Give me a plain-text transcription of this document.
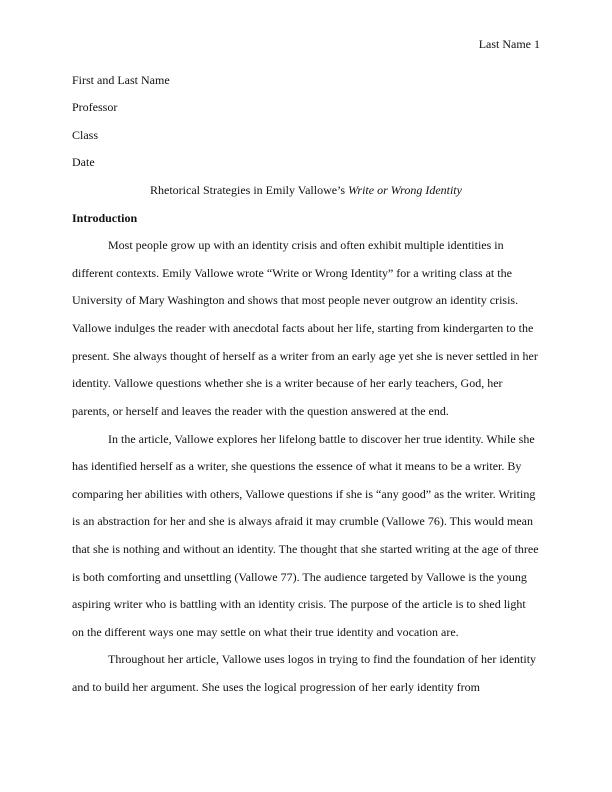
Last Name 1
First and Last Name
Professor
Class
Date
Rhetorical Strategies in Emily Vallowe’s Write or Wrong Identity
Introduction
Most people grow up with an identity crisis and often exhibit multiple identities in
different contexts. Emily Vallowe wrote “Write or Wrong Identity” for a writing class at the
University of Mary Washington and shows that most people never outgrow an identity crisis.
Vallowe indulges the reader with anecdotal facts about her life, starting from kindergarten to the
present. She always thought of herself as a writer from an early age yet she is never settled in her
identity. Vallowe questions whether she is a writer because of her early teachers, God, her
parents, or herself and leaves the reader with the question answered at the end.
In the article, Vallowe explores her lifelong battle to discover her true identity. While she
has identified herself as a writer, she questions the essence of what it means to be a writer. By
comparing her abilities with others, Vallowe questions if she is “any good” as the writer. Writing
is an abstraction for her and she is always afraid it may crumble (Vallowe 76). This would mean
that she is nothing and without an identity. The thought that she started writing at the age of three
is both comforting and unsettling (Vallowe 77). The audience targeted by Vallowe is the young
aspiring writer who is battling with an identity crisis. The purpose of the article is to shed light
on the different ways one may settle on what their true identity and vocation are.
Throughout her article, Vallowe uses logos in trying to find the foundation of her identity
and to build her argument. She uses the logical progression of her early identity from
